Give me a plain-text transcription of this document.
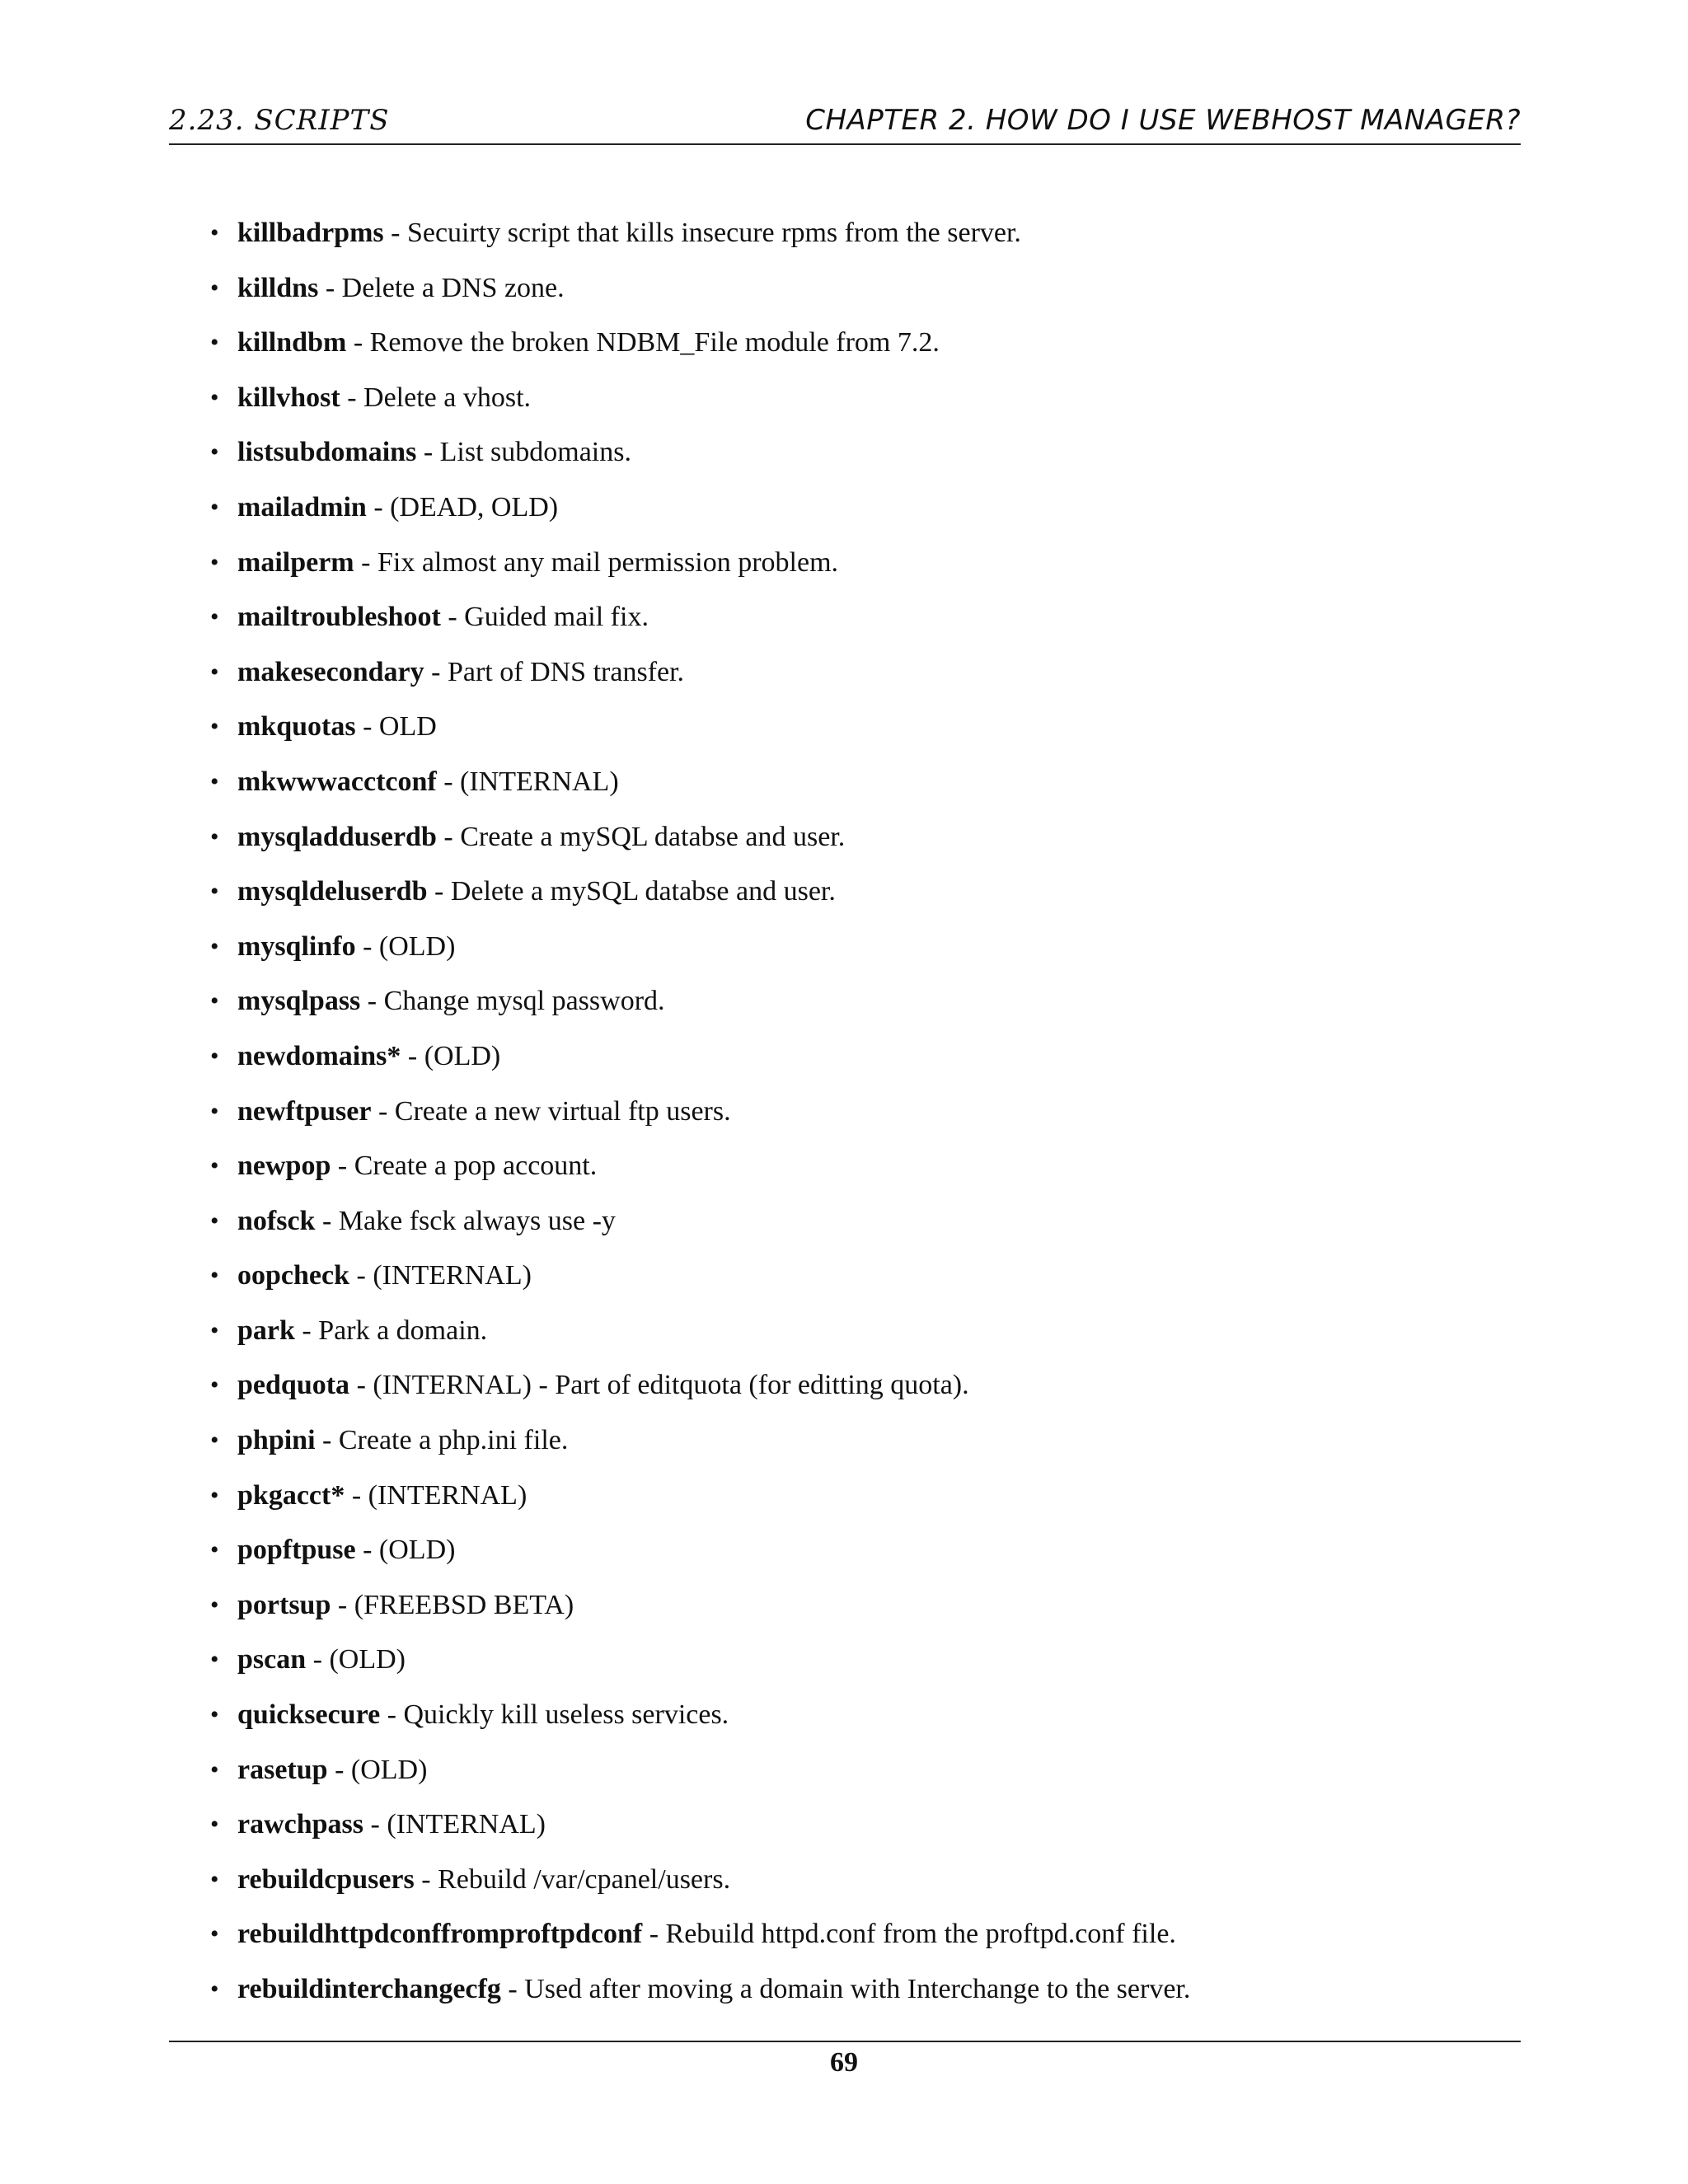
2.23. SCRIPTS	CHAPTER 2. HOW DO I USE WEBHOST MANAGER?
• killbadrpms - Secuirty script that kills insecure rpms from the server.
• killdns - Delete a DNS zone.
• killndbm - Remove the broken NDBM_File module from 7.2.
• killvhost - Delete a vhost.
• listsubdomains - List subdomains.
• mailadmin - (DEAD, OLD)
• mailperm - Fix almost any mail permission problem.
• mailtroubleshoot - Guided mail fix.
• makesecondary - Part of DNS transfer.
• mkquotas - OLD
• mkwwwacctconf - (INTERNAL)
• mysqladduserdb - Create a mySQL databse and user.
• mysqldeluserdb - Delete a mySQL databse and user.
• mysqlinfo - (OLD)
• mysqlpass - Change mysql password.
• newdomains* - (OLD)
• newftpuser - Create a new virtual ftp users.
• newpop - Create a pop account.
• nofsck - Make fsck always use -y
• oopcheck - (INTERNAL)
• park - Park a domain.
• pedquota - (INTERNAL) - Part of editquota (for editting quota).
• phpini - Create a php.ini file.
• pkgacct* - (INTERNAL)
• popftpuse - (OLD)
• portsup - (FREEBSD BETA)
• pscan - (OLD)
• quicksecure - Quickly kill useless services.
• rasetup - (OLD)
• rawchpass - (INTERNAL)
• rebuildcpusers - Rebuild /var/cpanel/users.
• rebuildhttpdconffromproftpdconf - Rebuild httpd.conf from the proftpd.conf file.
• rebuildinterchangecfg - Used after moving a domain with Interchange to the server.
69
